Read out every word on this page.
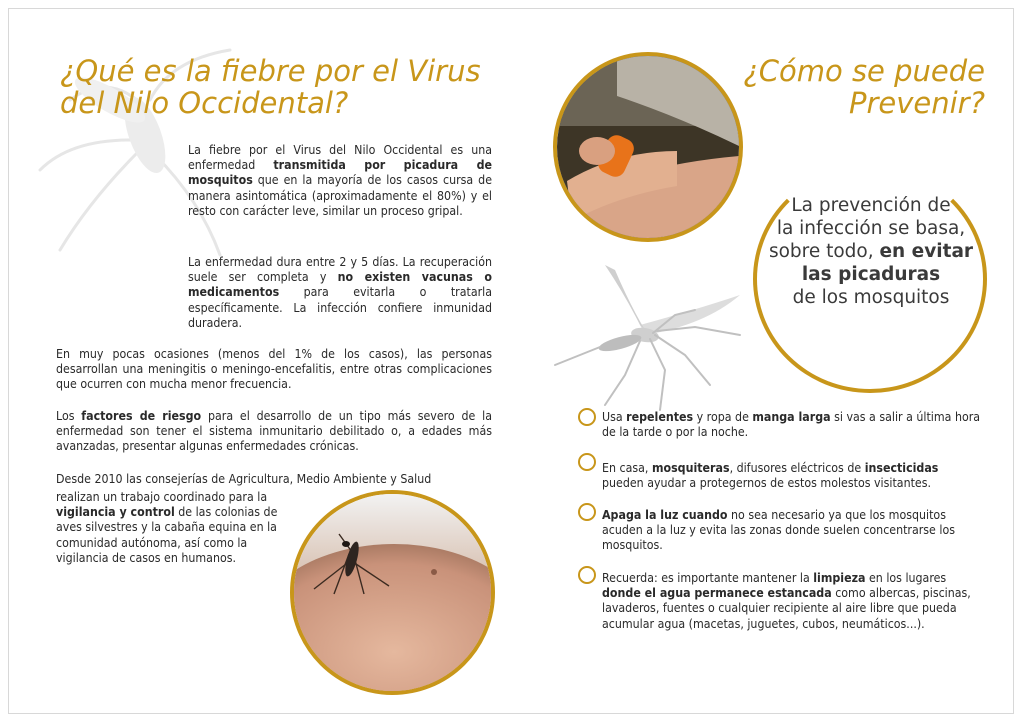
¿Qué es la fiebre por el Virus
del Nilo Occidental?

La fiebre por el Virus del Nilo Occidental es una enfermedad transmitida por picadura de mosquitos que en la mayoría de los casos cursa de manera asintomática (aproximadamente el 80%) y el resto con carácter leve, similar un proceso gripal.

La enfermedad dura entre 2 y 5 días. La recuperación suele ser completa y no existen vacunas o medicamentos para evitarla o tratarla específicamente. La infección confiere inmunidad duradera.

En muy pocas ocasiones (menos del 1% de los casos), las personas desarrollan una meningitis o meningo-encefalitis, entre otras complicaciones que ocurren con mucha menor frecuencia.

Los factores de riesgo para el desarrollo de un tipo más severo de la enfermedad son tener el sistema inmunitario debilitado o, a edades más avanzadas, presentar algunas enfermedades crónicas.

Desde 2010 las consejerías de Agricultura, Medio Ambiente y Salud

realizan un trabajo coordinado para la vigilancia y control de las colonias de aves silvestres y la cabaña equina en la comunidad autónoma, así como la vigilancia de casos en humanos.

¿Cómo se puede
Prevenir?
La prevención de
la infección se basa,
sobre todo, en evitar
las picaduras
de los mosquitos

Usa repelentes y ropa de manga larga si vas a salir a última hora de la tarde o por la noche.

En casa, mosquiteras, difusores eléctricos de insecticidas pueden ayudar a protegernos de estos molestos visitantes.

Apaga la luz cuando no sea necesario ya que los mosquitos acuden a la luz y evita las zonas donde suelen concentrarse los mosquitos.

Recuerda: es importante mantener la limpieza en los lugares donde el agua permanece estancada como albercas, piscinas, lavaderos, fuentes o cualquier recipiente al aire libre que pueda acumular agua (macetas, juguetes, cubos, neumáticos...).
